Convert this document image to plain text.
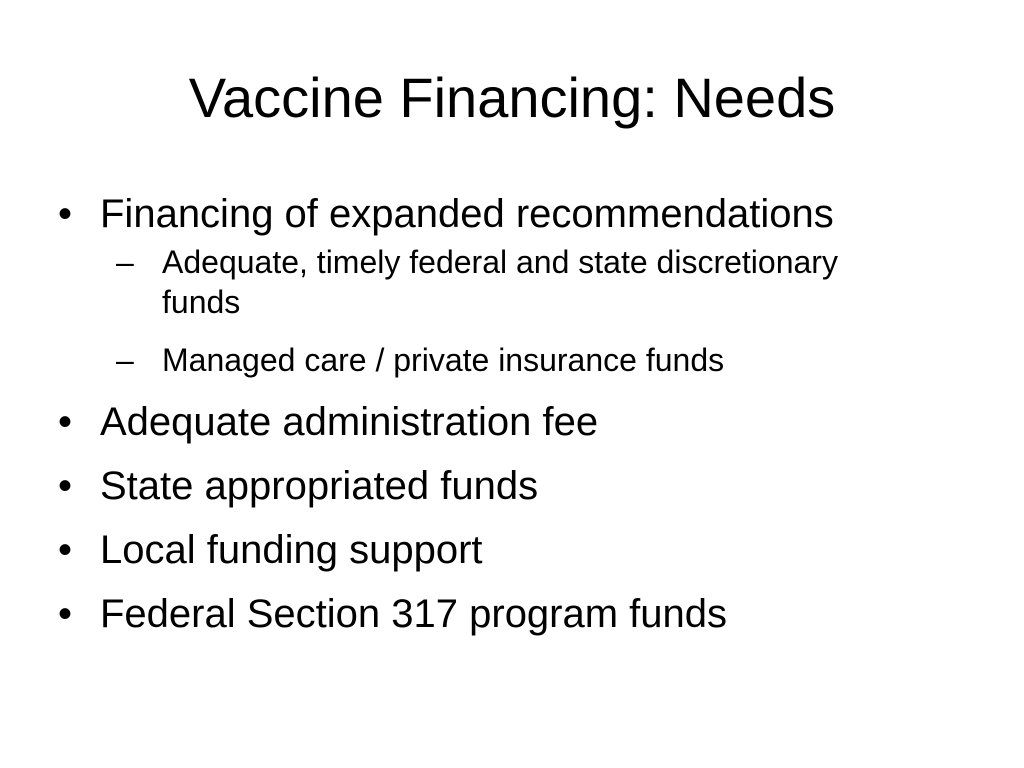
Vaccine Financing: Needs
• Financing of expanded recommendations
– Adequate, timely federal and state discretionary funds
– Managed care / private insurance funds
• Adequate administration fee
• State appropriated funds
• Local funding support
• Federal Section 317 program funds
